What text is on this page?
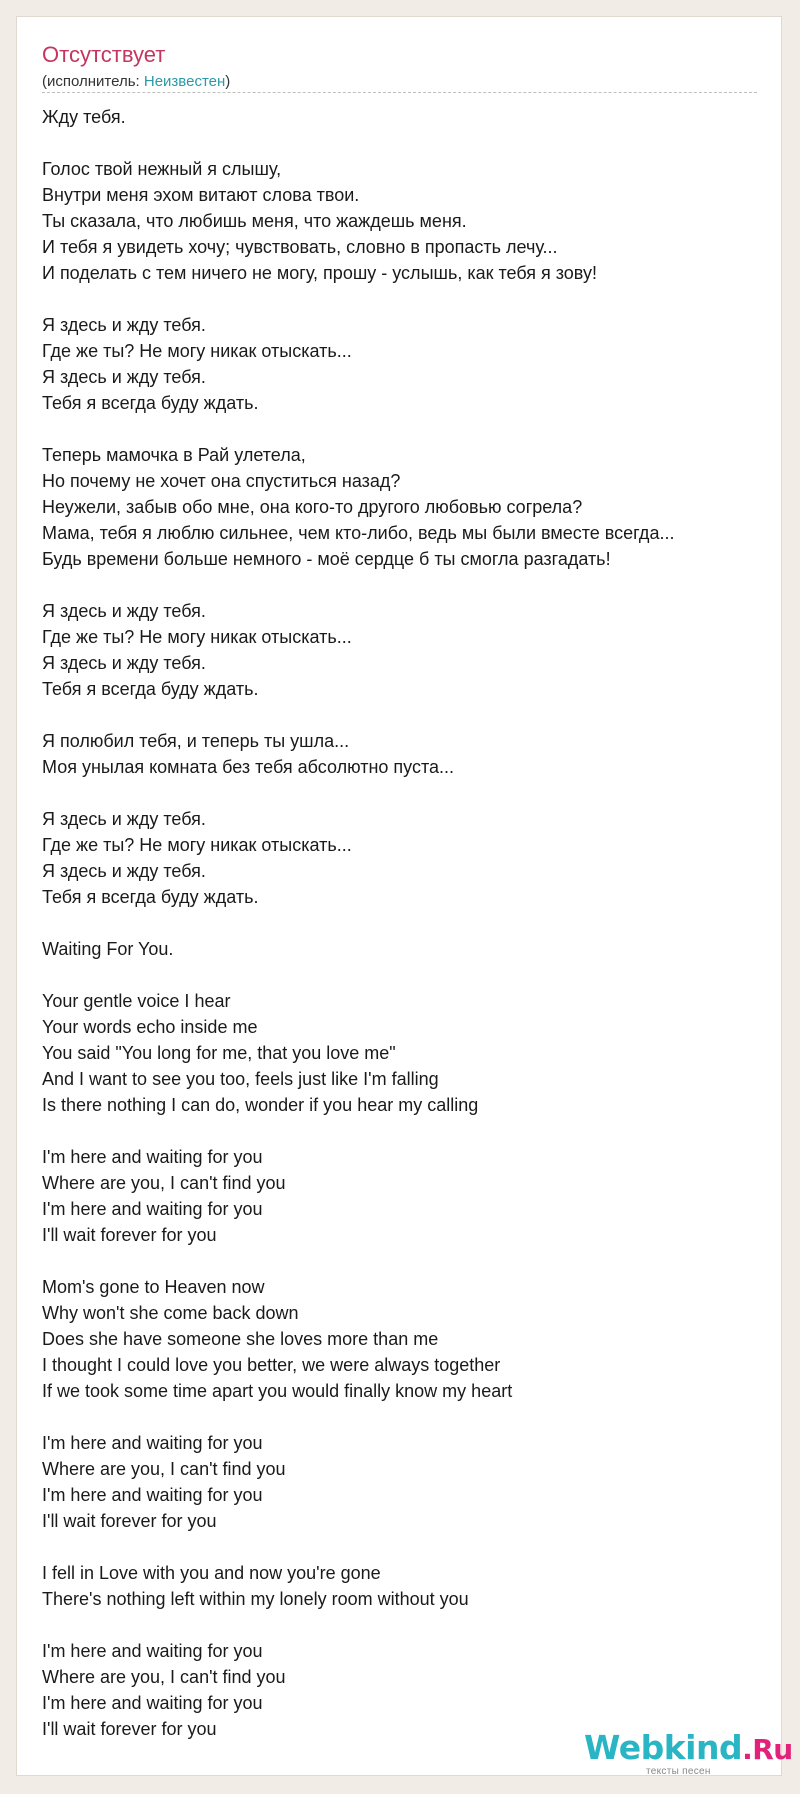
Отсутствует
(исполнитель: Неизвестен)
Жду тебя.
Голос твой нежный я слышу,
Внутри меня эхом витают слова твои.
Ты сказала, что любишь меня, что жаждешь меня.
И тебя я увидеть хочу; чувствовать, словно в пропасть лечу...
И поделать с тем ничего не могу, прошу - услышь, как тебя я зову!
Я здесь и жду тебя.
Где же ты? Не могу никак отыскать...
Я здесь и жду тебя.
Тебя я всегда буду ждать.
Теперь мамочка в Рай улетела,
Но почему не хочет она спуститься назад?
Неужели, забыв обо мне, она кого-то другого любовью согрела?
Мама, тебя я люблю сильнее, чем кто-либо, ведь мы были вместе всегда...
Будь времени больше немного - моё сердце б ты смогла разгадать!
Я здесь и жду тебя.
Где же ты? Не могу никак отыскать...
Я здесь и жду тебя.
Тебя я всегда буду ждать.
Я полюбил тебя, и теперь ты ушла...
Моя унылая комната без тебя абсолютно пуста...
Я здесь и жду тебя.
Где же ты? Не могу никак отыскать...
Я здесь и жду тебя.
Тебя я всегда буду ждать.
Waiting For You.
Your gentle voice I hear
Your words echo inside me
You said "You long for me, that you love me"
And I want to see you too, feels just like I'm falling
Is there nothing I can do, wonder if you hear my calling
I'm here and waiting for you
Where are you, I can't find you
I'm here and waiting for you
I'll wait forever for you
Mom's gone to Heaven now
Why won't she come back down
Does she have someone she loves more than me
I thought I could love you better, we were always together
If we took some time apart you would finally know my heart
I'm here and waiting for you
Where are you, I can't find you
I'm here and waiting for you
I'll wait forever for you
I fell in Love with you and now you're gone
There's nothing left within my lonely room without you
I'm here and waiting for you
Where are you, I can't find you
I'm here and waiting for you
I'll wait forever for you	Webkind.Ru
тексты песен
